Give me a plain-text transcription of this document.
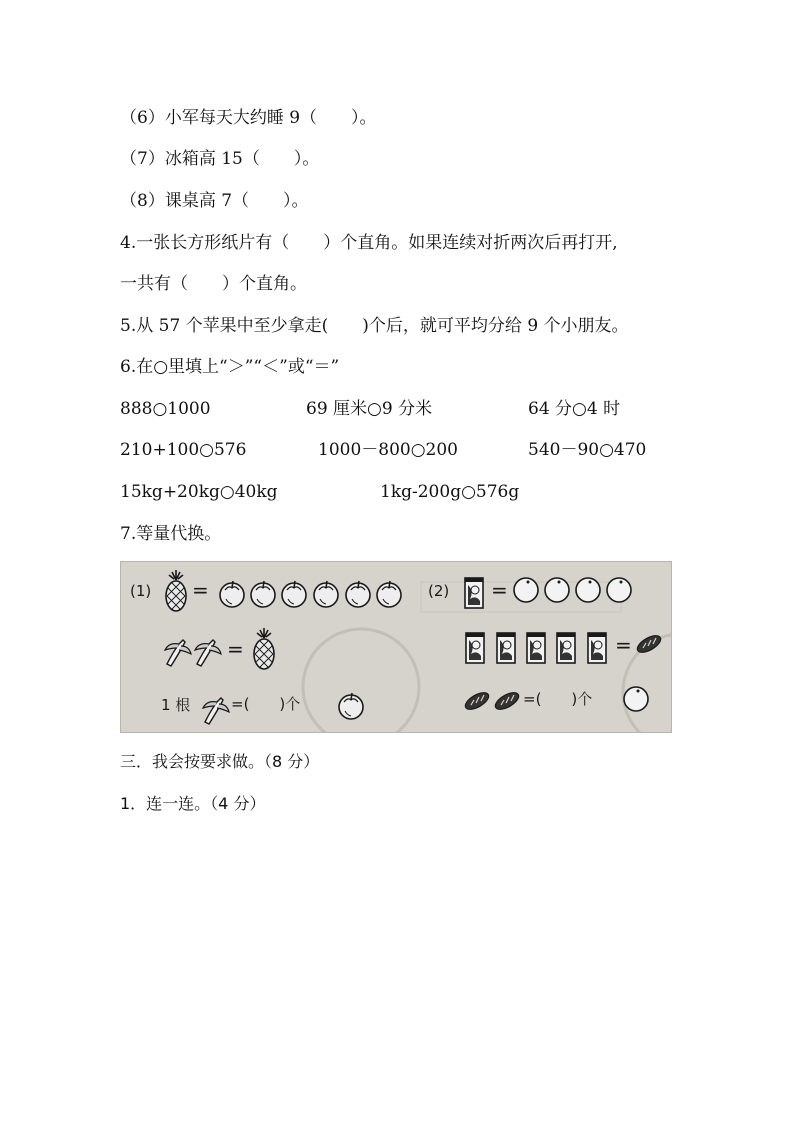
（6）小军每天大约睡 9（　　）。
（7）冰箱高 15（　　）。
（8）课桌高 7（　　）。
4.一张长方形纸片有（　　）个直角。如果连续对折两次后再打开,
一共有（　　）个直角。
5.从 57 个苹果中至少拿走(　　)个后，就可平均分给 9 个小朋友。
6.在○里填上“＞”“＜”或“＝”
888○1000	69 厘米○9 分米	64 分○4 时
210+100○576	1000－800○200	540－90○470
15kg+20kg○40kg	1kg-200g○576g
7.等量代换。
(1) =
=
1 根	=(　　)个
(2) =
=
=(　　)个
三．我会按要求做。（8 分）
1．连一连。（4 分）
